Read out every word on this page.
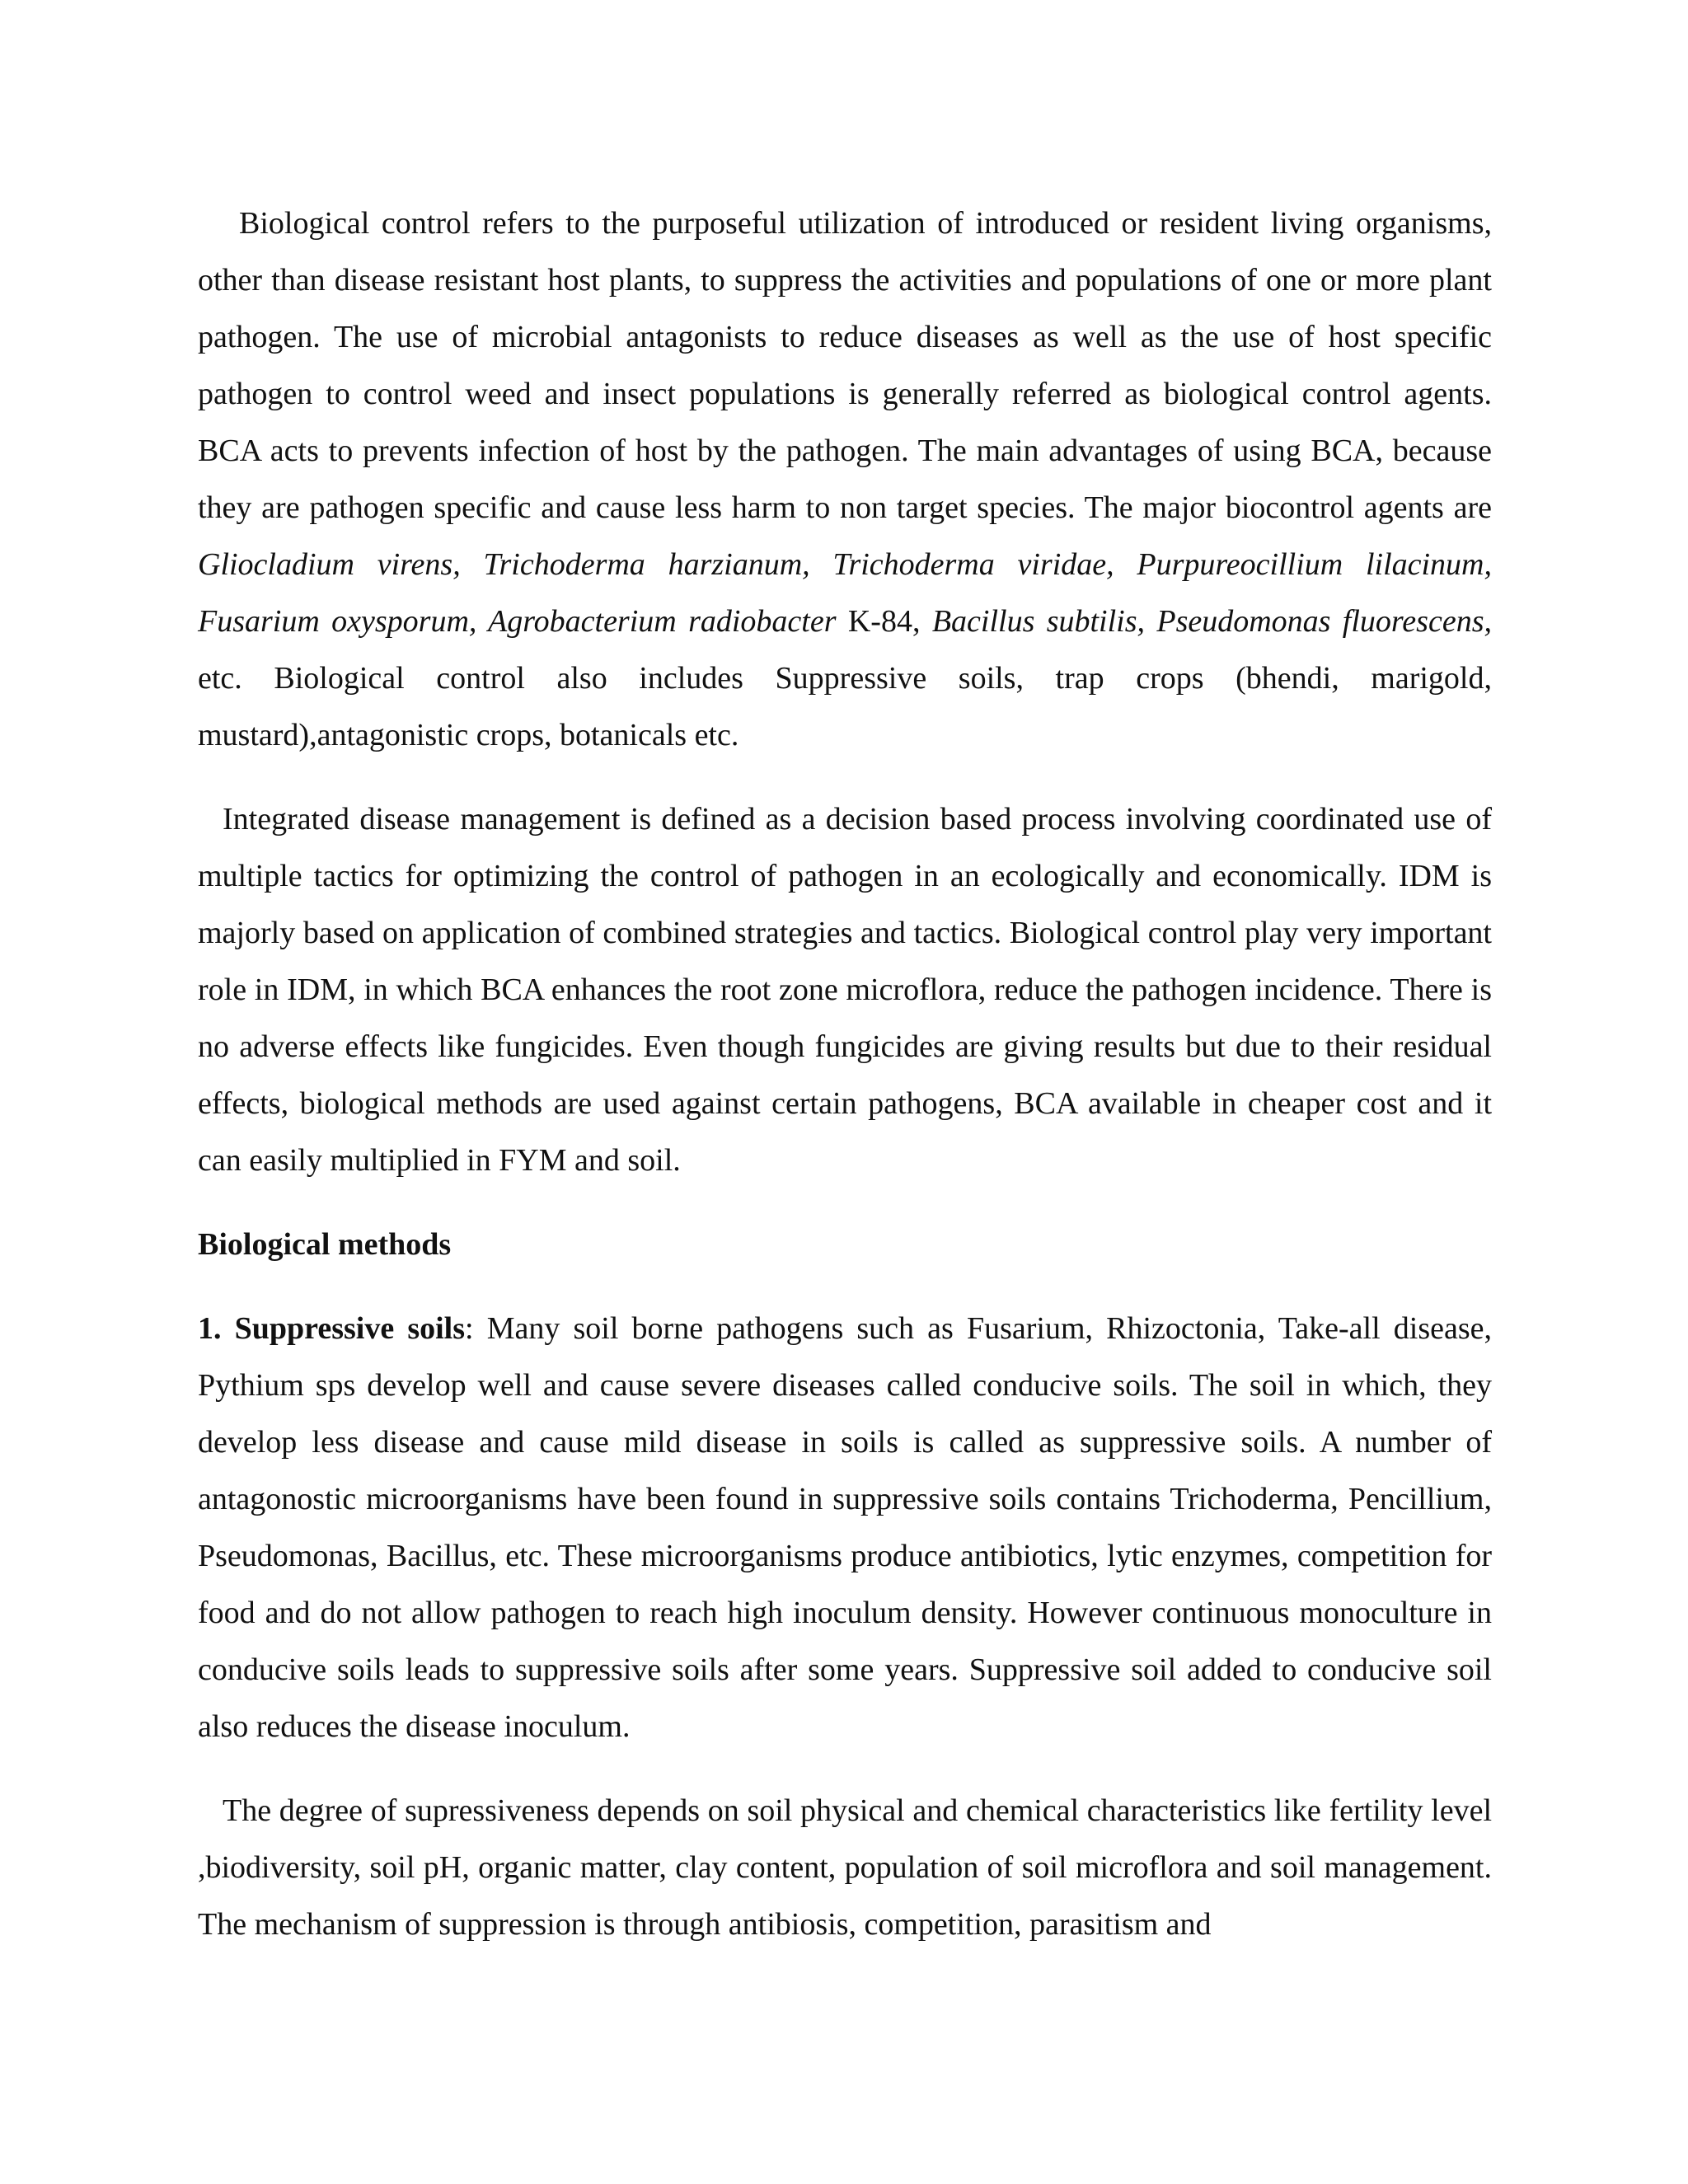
Biological control refers to the purposeful utilization of introduced or resident living organisms, other than disease resistant host plants, to suppress the activities and populations of one or more plant pathogen. The use of microbial antagonists to reduce diseases as well as the use of host specific pathogen to control weed and insect populations is generally referred as biological control agents. BCA acts to prevents infection of host by the pathogen. The main advantages of using BCA, because they are pathogen specific and cause less harm to non target species. The major biocontrol agents are Gliocladium virens, Trichoderma harzianum, Trichoderma viridae, Purpureocillium lilacinum, Fusarium oxysporum, Agrobacterium radiobacter K-84, Bacillus subtilis, Pseudomonas fluorescens, etc. Biological control also includes Suppressive soils, trap crops (bhendi, marigold, mustard),antagonistic crops, botanicals etc.

Integrated disease management is defined as a decision based process involving coordinated use of multiple tactics for optimizing the control of pathogen in an ecologically and economically. IDM is majorly based on application of combined strategies and tactics. Biological control play very important role in IDM, in which BCA enhances the root zone microflora, reduce the pathogen incidence. There is no adverse effects like fungicides. Even though fungicides are giving results but due to their residual effects, biological methods are used against certain pathogens, BCA available in cheaper cost and it can easily multiplied in FYM and soil.

Biological methods

1. Suppressive soils: Many soil borne pathogens such as Fusarium, Rhizoctonia, Take-all disease, Pythium sps develop well and cause severe diseases called conducive soils. The soil in which, they develop less disease and cause mild disease in soils is called as suppressive soils. A number of antagonostic microorganisms have been found in suppressive soils contains Trichoderma, Pencillium, Pseudomonas, Bacillus, etc. These microorganisms produce antibiotics, lytic enzymes, competition for food and do not allow pathogen to reach high inoculum density. However continuous monoculture in conducive soils leads to suppressive soils after some years. Suppressive soil added to conducive soil also reduces the disease inoculum.

The degree of supressiveness depends on soil physical and chemical characteristics like fertility level ,biodiversity, soil pH, organic matter, clay content, population of soil microflora and soil management. The mechanism of suppression is through antibiosis, competition, parasitism and
